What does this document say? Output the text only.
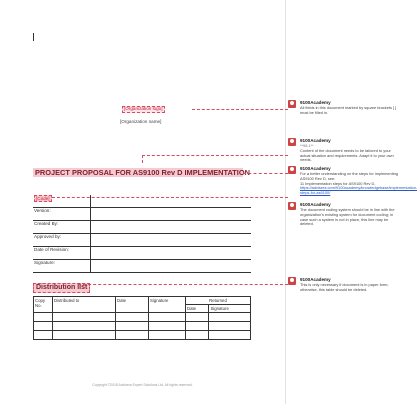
[Organization logo]
[Organization name]
PROJECT PROPOSAL FOR AS9100 Rev D IMPLEMENTATION
[Code]	
Version:	
Created By:	
Approved by:	
Date of Revision:	
Signature:	
Distribution list
Copy No.	Distributed to	Date	Signature	Returned	
				Date	Signature

Copyright ©2018 Advisera Expert Solutions Ltd. All rights reserved.
9100Academy
All fields in this document marked by square brackets [ ] must be filled in.
9100Academy
**98.1**
Content of the document needs to be tailored to your actual situation and requirements. Adapt it to your own needs.
9100Academy
For a better understanding on the steps for implementing AS9100 Rev D, see:
11 Implementation steps for AS9100 Rev D,
https://advisera.com/9100academy/knowledgebase/implementation-steps-for-as9100/
9100Academy
The document coding system should be in line with the organization's existing system for document coding; in case such a system is not in place, this line may be deleted.
9100Academy
This is only necessary if document is in paper form; otherwise, this table should be deleted.
